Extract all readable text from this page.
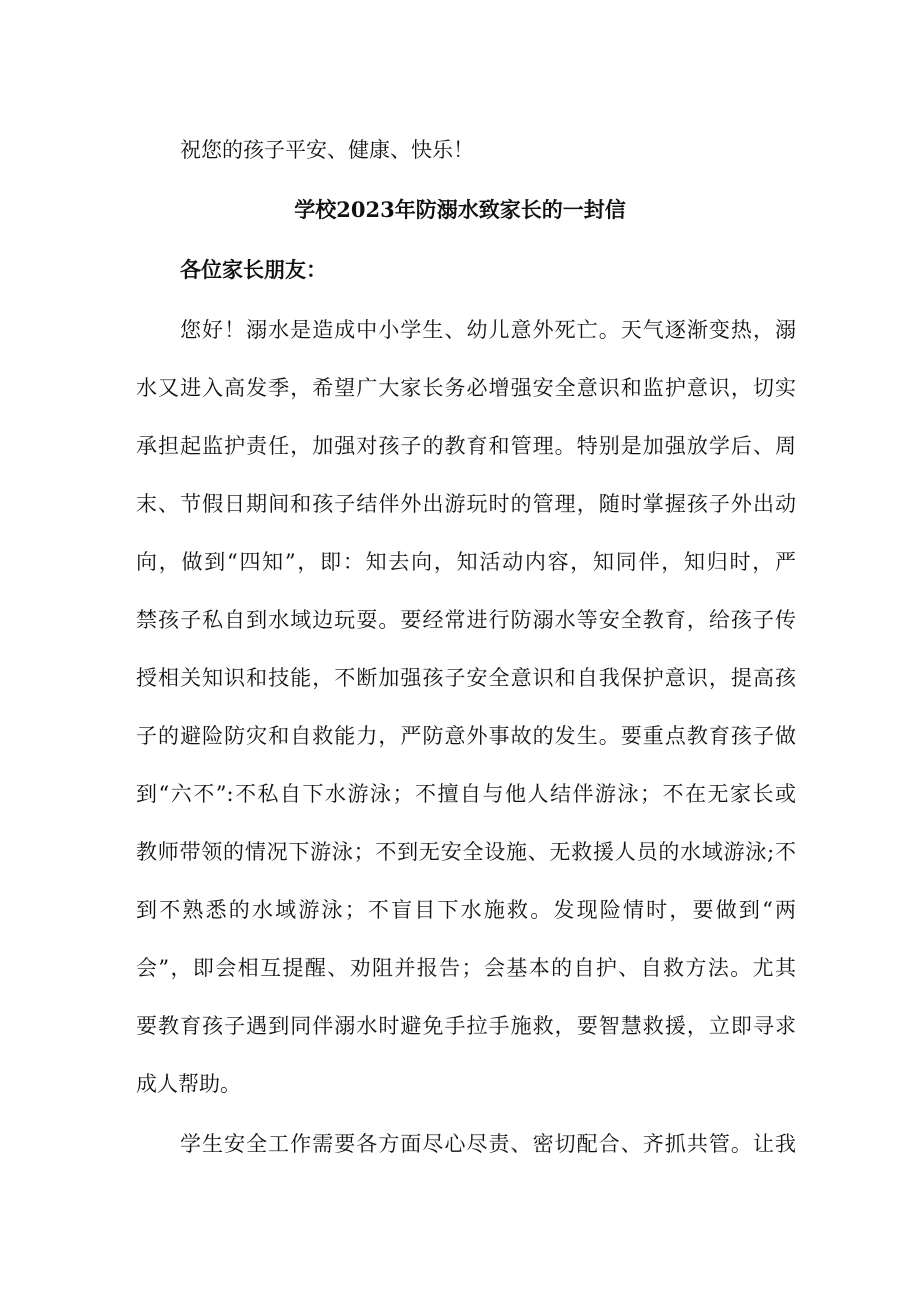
祝您的孩子平安、健康、快乐！
学校2023年防溺水致家长的一封信
各位家长朋友：
您好！溺水是造成中小学生、幼儿意外死亡。天气逐渐变热，溺
水又进入高发季，希望广大家长务必增强安全意识和监护意识，切实
承担起监护责任，加强对孩子的教育和管理。特别是加强放学后、周
末、节假日期间和孩子结伴外出游玩时的管理，随时掌握孩子外出动
向，做到“四知”，即：知去向，知活动内容，知同伴，知归时，严
禁孩子私自到水域边玩耍。要经常进行防溺水等安全教育，给孩子传
授相关知识和技能，不断加强孩子安全意识和自我保护意识，提高孩
子的避险防灾和自救能力，严防意外事故的发生。要重点教育孩子做
到“六不”:不私自下水游泳；不擅自与他人结伴游泳；不在无家长或
教师带领的情况下游泳；不到无安全设施、无救援人员的水域游泳;不
到不熟悉的水域游泳；不盲目下水施救。发现险情时，要做到“两
会”，即会相互提醒、劝阻并报告；会基本的自护、自救方法。尤其
要教育孩子遇到同伴溺水时避免手拉手施救，要智慧救援，立即寻求
成人帮助。
学生安全工作需要各方面尽心尽责、密切配合、齐抓共管。让我
